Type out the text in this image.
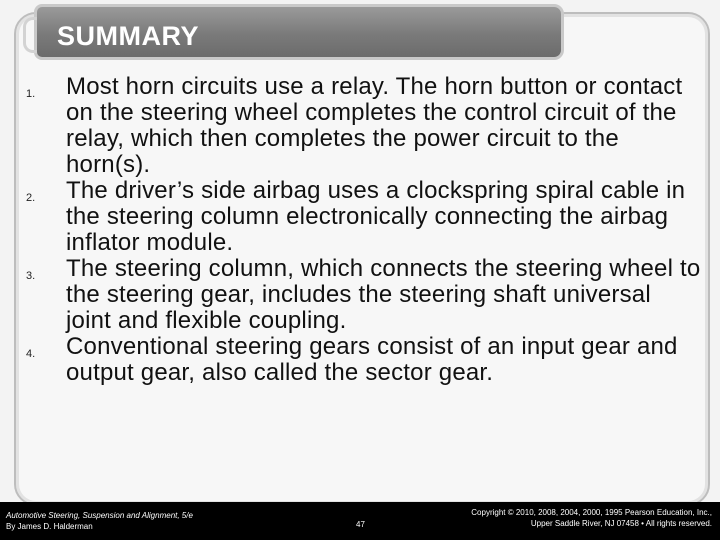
SUMMARY
1. Most horn circuits use a relay. The horn button or contact on the steering wheel completes the control circuit of the relay, which then completes the power circuit to the horn(s).
2. The driver’s side airbag uses a clockspring spiral cable in the steering column electronically connecting the airbag inflator module.
3. The steering column, which connects the steering wheel to the steering gear, includes the steering shaft universal joint and flexible coupling.
4. Conventional steering gears consist of an input gear and output gear, also called the sector gear.
Automotive Steering, Suspension and Alignment, 5/e
By James D. Halderman	47
Copyright © 2010, 2008, 2004, 2000, 1995 Pearson Education, Inc.,
Upper Saddle River, NJ 07458 • All rights reserved.
